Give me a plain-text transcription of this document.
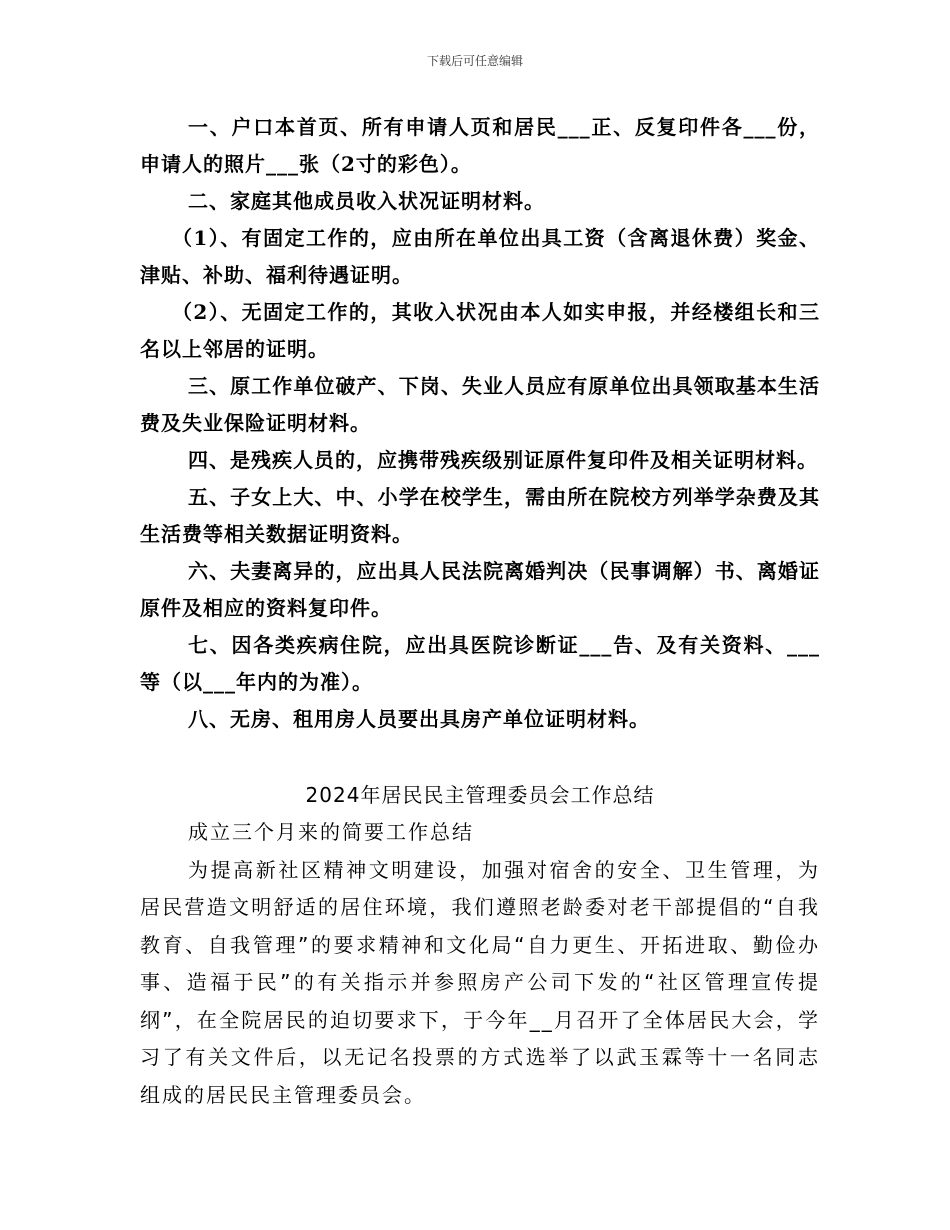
下载后可任意编辑

一、户口本首页、所有申请人页和居民___正、反复印件各___份，申请人的照片___张（2寸的彩色）。

二、家庭其他成员收入状况证明材料。

（1）、有固定工作的，应由所在单位出具工资（含离退休费）奖金、津贴、补助、福利待遇证明。

（2）、无固定工作的，其收入状况由本人如实申报，并经楼组长和三名以上邻居的证明。

三、原工作单位破产、下岗、失业人员应有原单位出具领取基本生活费及失业保险证明材料。

四、是残疾人员的，应携带残疾级别证原件复印件及相关证明材料。

五、子女上大、中、小学在校学生，需由所在院校方列举学杂费及其生活费等相关数据证明资料。

六、夫妻离异的，应出具人民法院离婚判决（民事调解）书、离婚证原件及相应的资料复印件。

七、因各类疾病住院，应出具医院诊断证___告、及有关资料、___等（以___年内的为准）。

八、无房、租用房人员要出具房产单位证明材料。

2024年居民民主管理委员会工作总结

成立三个月来的简要工作总结

为提高新社区精神文明建设，加强对宿舍的安全、卫生管理，为居民营造文明舒适的居住环境，我们遵照老龄委对老干部提倡的“自我教育、自我管理”的要求精神和文化局“自力更生、开拓进取、勤俭办事、造福于民”的有关指示并参照房产公司下发的“社区管理宣传提纲”，在全院居民的迫切要求下，于今年__月召开了全体居民大会，学习了有关文件后，以无记名投票的方式选举了以武玉霖等十一名同志组成的居民民主管理委员会。
